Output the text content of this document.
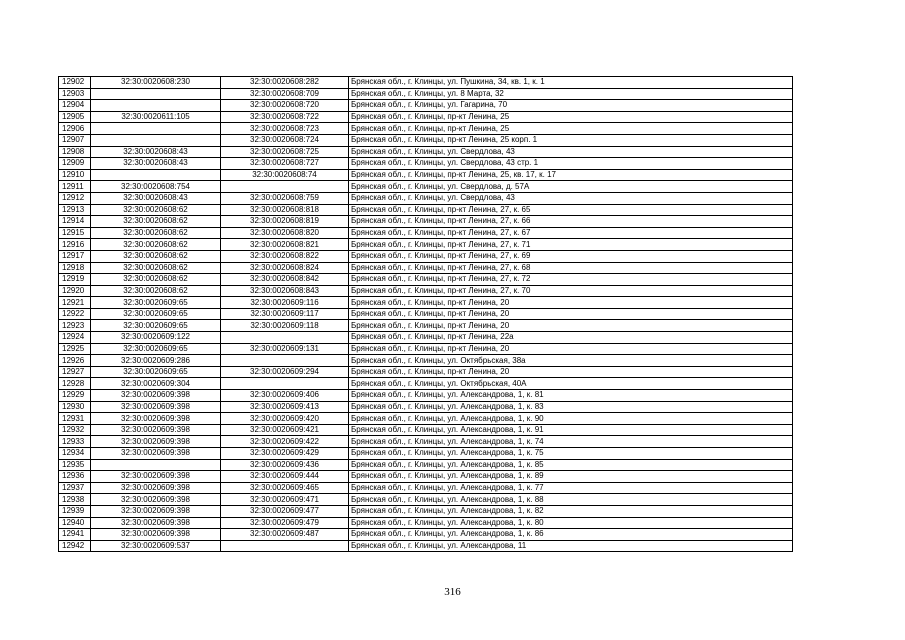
12902	32:30:0020608:230	32:30:0020608:282	Брянская обл., г. Клинцы, ул. Пушкина, 34, кв. 1, к. 1
12903		32:30:0020608:709	Брянская обл., г. Клинцы, ул. 8 Марта, 32
12904		32:30:0020608:720	Брянская обл., г. Клинцы, ул. Гагарина, 70
12905	32:30:0020611:105	32:30:0020608:722	Брянская обл., г. Клинцы, пр-кт Ленина, 25
12906		32:30:0020608:723	Брянская обл., г. Клинцы, пр-кт Ленина, 25
12907		32:30:0020608:724	Брянская обл., г. Клинцы, пр-кт Ленина, 25 корп. 1
12908	32:30:0020608:43	32:30:0020608:725	Брянская обл., г. Клинцы, ул. Свердлова, 43
12909	32:30:0020608:43	32:30:0020608:727	Брянская обл., г. Клинцы, ул. Свердлова, 43 стр. 1
12910		32:30:0020608:74	Брянская обл., г. Клинцы, пр-кт Ленина, 25, кв. 17, к. 17
12911	32:30:0020608:754		Брянская обл., г. Клинцы, ул. Свердлова, д. 57А
12912	32:30:0020608:43	32:30:0020608:759	Брянская обл., г. Клинцы, ул. Свердлова, 43
12913	32:30:0020608:62	32:30:0020608:818	Брянская обл., г. Клинцы, пр-кт Ленина, 27, к. 65
12914	32:30:0020608:62	32:30:0020608:819	Брянская обл., г. Клинцы, пр-кт Ленина, 27, к. 66
12915	32:30:0020608:62	32:30:0020608:820	Брянская обл., г. Клинцы, пр-кт Ленина, 27, к. 67
12916	32:30:0020608:62	32:30:0020608:821	Брянская обл., г. Клинцы, пр-кт Ленина, 27, к. 71
12917	32:30:0020608:62	32:30:0020608:822	Брянская обл., г. Клинцы, пр-кт Ленина, 27, к. 69
12918	32:30:0020608:62	32:30:0020608:824	Брянская обл., г. Клинцы, пр-кт Ленина, 27, к. 68
12919	32:30:0020608:62	32:30:0020608:842	Брянская обл., г. Клинцы, пр-кт Ленина, 27, к. 72
12920	32:30:0020608:62	32:30:0020608:843	Брянская обл., г. Клинцы, пр-кт Ленина, 27, к. 70
12921	32:30:0020609:65	32:30:0020609:116	Брянская обл., г. Клинцы, пр-кт Ленина, 20
12922	32:30:0020609:65	32:30:0020609:117	Брянская обл., г. Клинцы, пр-кт Ленина, 20
12923	32:30:0020609:65	32:30:0020609:118	Брянская обл., г. Клинцы, пр-кт Ленина, 20
12924	32:30:0020609:122		Брянская обл., г. Клинцы, пр-кт Ленина, 22а
12925	32:30:0020609:65	32:30:0020609:131	Брянская обл., г. Клинцы, пр-кт Ленина, 20
12926	32:30:0020609:286		Брянская обл., г. Клинцы, ул. Октябрьская, 38а
12927	32:30:0020609:65	32:30:0020609:294	Брянская обл., г. Клинцы, пр-кт Ленина, 20
12928	32:30:0020609:304		Брянская обл., г. Клинцы, ул. Октябрьская, 40А
12929	32:30:0020609:398	32:30:0020609:406	Брянская обл., г. Клинцы, ул. Александрова, 1, к. 81
12930	32:30:0020609:398	32:30:0020609:413	Брянская обл., г. Клинцы, ул. Александрова, 1, к. 83
12931	32:30:0020609:398	32:30:0020609:420	Брянская обл., г. Клинцы, ул. Александрова, 1, к. 90
12932	32:30:0020609:398	32:30:0020609:421	Брянская обл., г. Клинцы, ул. Александрова, 1, к. 91
12933	32:30:0020609:398	32:30:0020609:422	Брянская обл., г. Клинцы, ул. Александрова, 1, к. 74
12934	32:30:0020609:398	32:30:0020609:429	Брянская обл., г. Клинцы, ул. Александрова, 1, к. 75
12935		32:30:0020609:436	Брянская обл., г. Клинцы, ул. Александрова, 1, к. 85
12936	32:30:0020609:398	32:30:0020609:444	Брянская обл., г. Клинцы, ул. Александрова, 1, к. 89
12937	32:30:0020609:398	32:30:0020609:465	Брянская обл., г. Клинцы, ул. Александрова, 1, к. 77
12938	32:30:0020609:398	32:30:0020609:471	Брянская обл., г. Клинцы, ул. Александрова, 1, к. 88
12939	32:30:0020609:398	32:30:0020609:477	Брянская обл., г. Клинцы, ул. Александрова, 1, к. 82
12940	32:30:0020609:398	32:30:0020609:479	Брянская обл., г. Клинцы, ул. Александрова, 1, к. 80
12941	32:30:0020609:398	32:30:0020609:487	Брянская обл., г. Клинцы, ул. Александрова, 1, к. 86
12942	32:30:0020609:537		Брянская обл., г. Клинцы, ул. Александрова, 11
316
